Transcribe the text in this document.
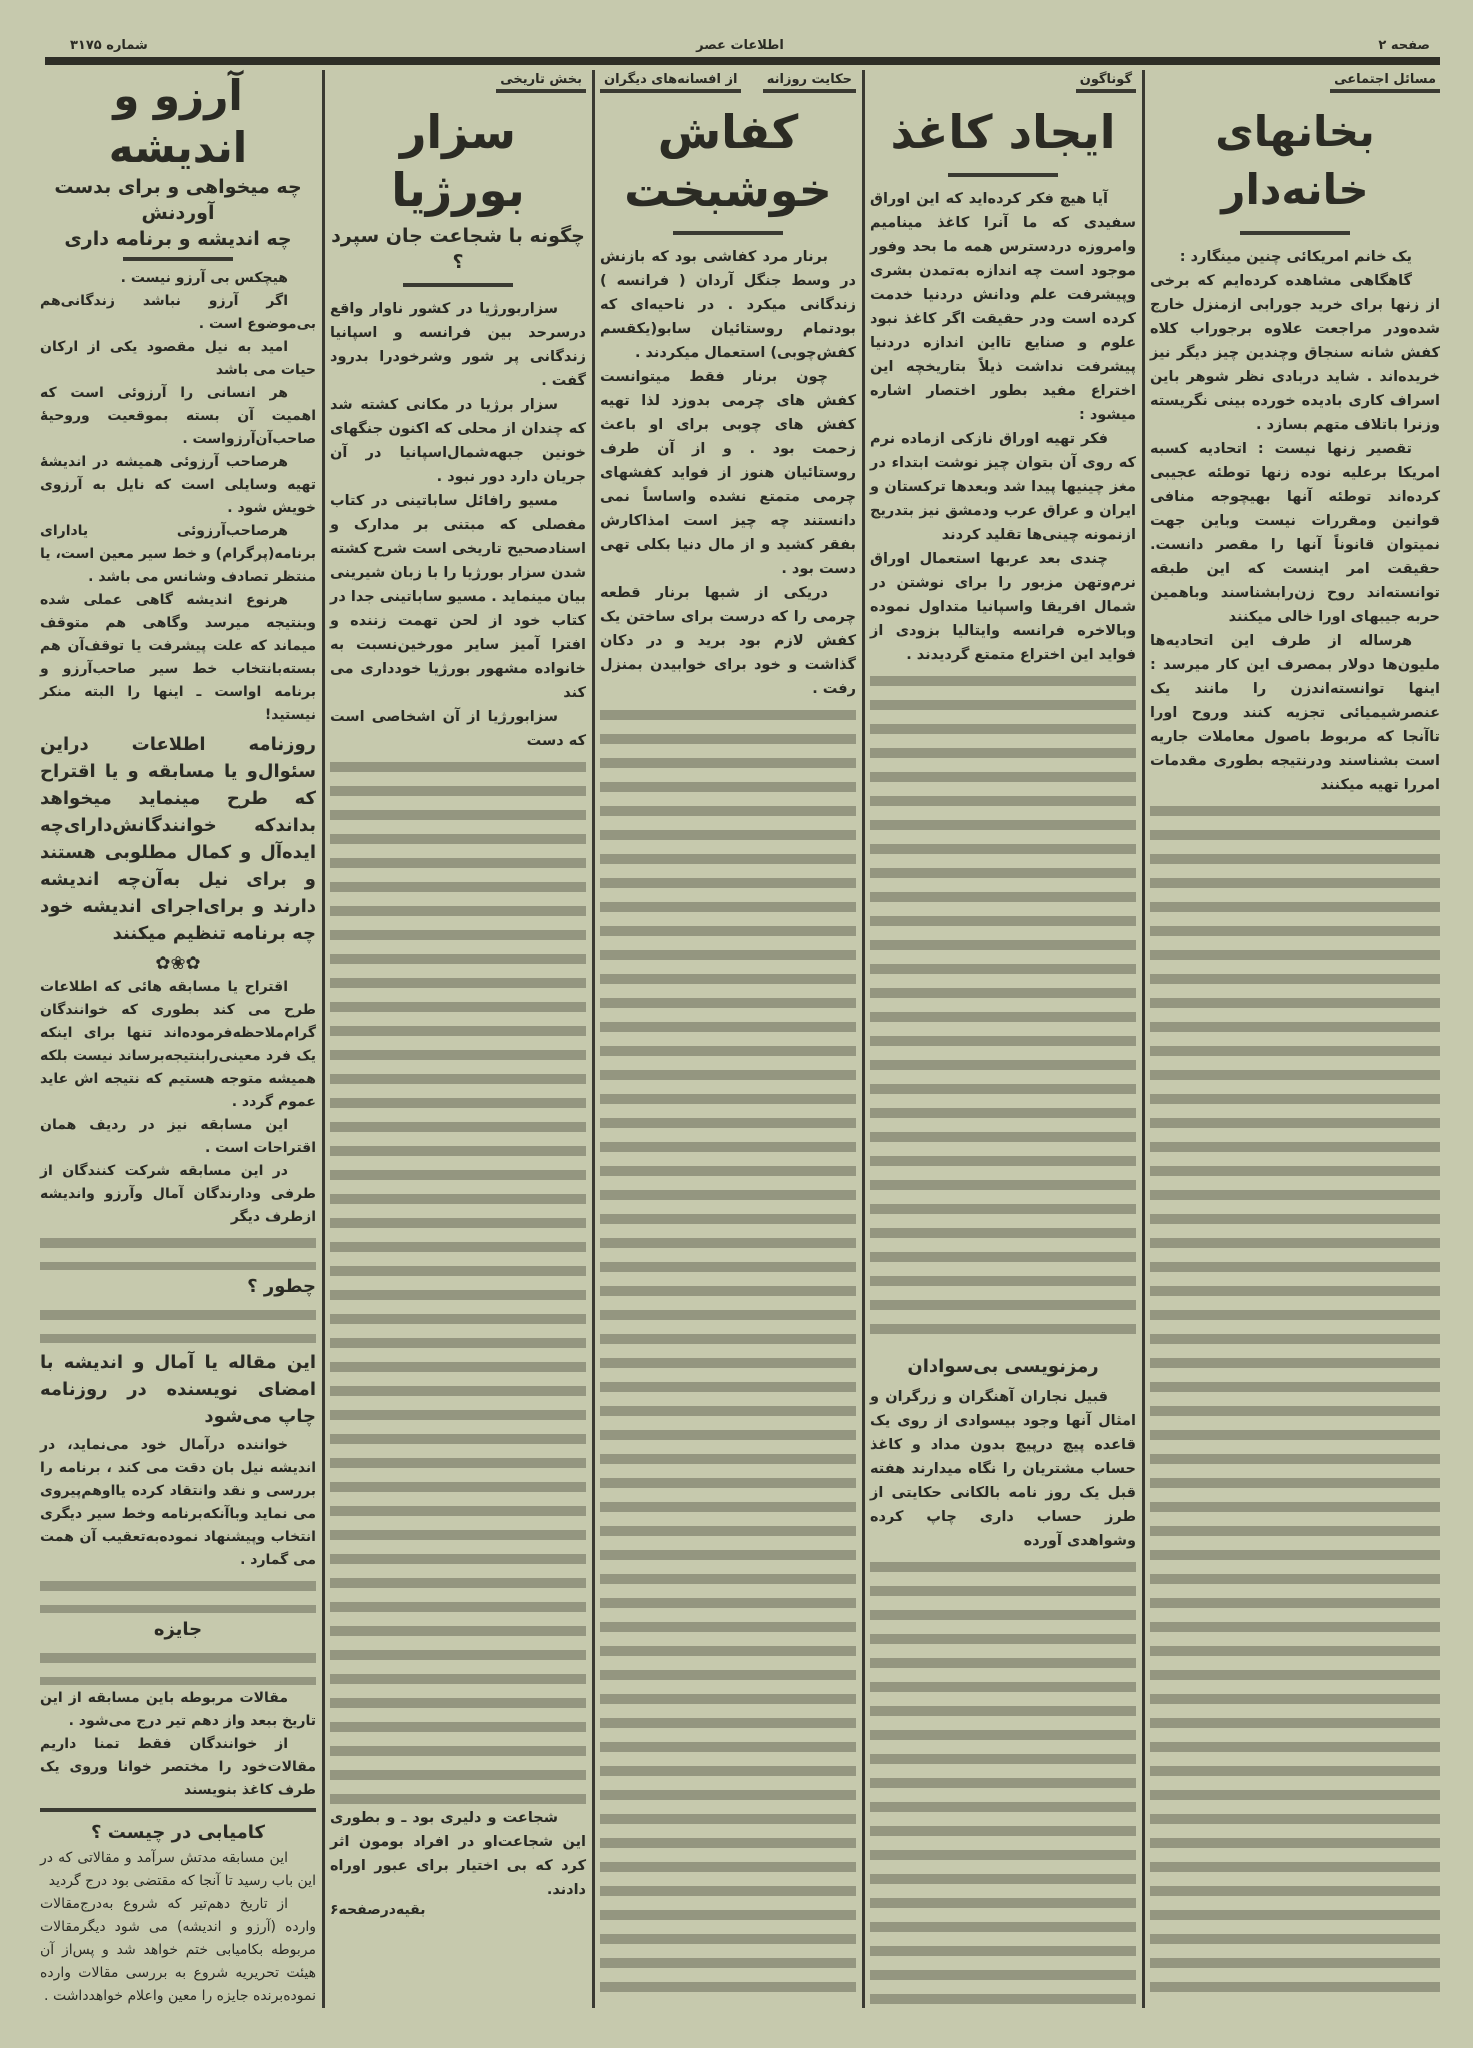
صفحه ۲
اطلاعات عصر
شماره ۳۱۷۵
مسائل اجتماعی
بخانهای خانه‌دار

یک خانم امریکائی چنین مینگارد :

گاهگاهی مشاهده کرده‌ایم که برخی از زنها برای خرید جورابی ازمنزل خارج شده‌ودر مراجعت علاوه برجوراب کلاه کفش شانه سنجاق وچندین چیز دیگر نیز خریده‌اند . شاید دربادی نظر شوهر باین اسراف کاری بادیده خورده بینی نگریسته وزنرا باتلاف متهم بسازد .

تقصیر زنها نیست : اتحادیه کسبه امریکا برعلیه نوده زنها توطئه عجیبی کرده‌اند توطئه آنها بهیچوجه منافی قوانین ومقررات نیست وباین جهت نمیتوان قانوناً آنها را مقصر دانست. حقیقت امر اینست که این طبقه توانسته‌اند روح زن‌رابشناسند وباهمین حربه جیبهای اورا خالی میکنند

هرساله از طرف این اتحادیه‌ها ملیون‌ها دولار بمصرف این کار میرسد : اینها توانسته‌اندزن را مانند یک عنصرشیمیائی تجزیه کنند وروح اورا تاآنجا که مربوط باصول معاملات جاریه است بشناسند ودرنتیجه بطوری مقدمات امررا تهیه میکنند

گوناگون
ایجاد کاغذ

آیا هیچ فکر کرده‌اید که این اوراق سفیدی که ما آنرا کاغذ مینامیم وامروزه دردسترس همه ما بحد وفور موجود است چه اندازه به‌تمدن بشری وپیشرفت علم ودانش دردنیا خدمت کرده است ودر حقیقت اگر کاغذ نبود علوم و صنایع تااین اندازه دردنیا پیشرفت نداشت ذیلاً بتاریخچه این اختراع مفید بطور اختصار اشاره میشود :

فکر تهیه اوراق نازکی ازماده نرم که روی آن بتوان چیز نوشت ابتداء در مغز چینیها پیدا شد وبعدها ترکستان و ایران و عراق عرب ودمشق نیز بتدریج ازنمونه چینی‌ها تقلید کردند

چندی بعد عربها استعمال اوراق نرم‌وتهن مزبور را برای نوشتن در شمال افریقا واسپانیا متداول نموده وبالاخره فرانسه وایتالیا بزودی از فواید این اختراع متمتع گردیدند .

رمزنویسی بی‌سوادان

قبیل نجاران آهنگران و زرگران و امثال آنها وجود بیسوادی از روی یک قاعده پیچ درپیچ بدون مداد و کاغذ حساب مشتریان را نگاه میدارند هفته قبل یک روز نامه بالکانی حکایتی از طرز حساب داری چاپ کرده وشواهدی آورده

حکایت روزانه
از افسانه‌های دیگران
کفاش خوشبخت

برنار مرد کفاشی بود که بازنش در وسط جنگل آردان ( فرانسه ) زندگانی میکرد . در ناحیه‌ای که بودتمام روستائیان سابو(یکقسم کفش‌چوبی) استعمال میکردند .

چون برنار فقط میتوانست کفش های چرمی بدوزد لذا تهیه کفش های چوبی برای او باعث زحمت بود . و از آن طرف روستائیان هنوز از فواید کفشهای چرمی متمتع نشده واساساً نمی دانستند چه چیز است امذاکارش بفقر کشید و از مال دنیا بکلی تهی دست بود .

دریکی از شبها برنار قطعه چرمی را که درست برای ساختن یک کفش لازم بود برید و در دکان گذاشت و خود برای خوابیدن بمنزل رفت .

بخش تاریخی
سزار بورژیا
چگونه با شجاعت جان سپرد ؟

سزاربورژیا در کشور ناوار واقع درسرحد بین فرانسه و اسپانیا زندگانی پر شور وشرخودرا بدرود گفت .

سزار برژیا در مکانی کشته شد که چندان از محلی که اکنون جنگهای خونین جبهه‌شمال‌اسپانیا در آن جریان دارد دور نبود .

مسیو رافائل ساباتینی در کتاب مفصلی که مبتنی بر مدارک و اسنادصحیح تاریخی است شرح کشته شدن سزار بورژیا را با زبان شیرینی بیان مینماید . مسیو ساباتینی جدا در کتاب خود از لحن تهمت زننده و افترا آمیز سایر مورخین‌نسبت به خانواده مشهور بورژیا خودداری می کند

سزابورژیا از آن اشخاصی است که دست

شجاعت و دلیری بود ـ و بطوری این شجاعت‌او در افراد بومون اثر کرد که بی اختیار برای عبور اوراه دادند.

بقیه‌در‌صفحه۶
آرزو و اندیشه
چه میخواهی و برای بدست آوردنش
چه اندیشه و برنامه داری

هیچکس بی آرزو نیست .

اگر آرزو نباشد زندگانی‌هم بی‌موضوع است .

امید به نیل مقصود یکی از ارکان حیات می باشد

هر انسانی را آرزوئی است که اهمیت آن بسته بموقعیت وروحیهٔ صاحب‌آن‌آرزواست .

هرصاحب آرزوئی همیشه در اندیشهٔ تهیه وسایلی است که نایل به آرزوی خویش شود .

هرصاحب‌آرزوئی یادارای برنامه(پرگرام) و خط سیر معین است، یا منتظر تصادف وشانس می باشد .

هرنوع اندیشه گاهی عملی شده وبنتیجه میرسد وگاهی هم متوقف میماند که علت پیشرفت یا توقف‌آن هم بسته‌بانتخاب خط سیر صاحب‌آرزو و برنامه اواست ـ اینها را البته منکر نیستید!

روزنامه اطلاعات دراین سئوال‌و یا مسابقه و یا اقتراح که طرح مینماید میخواهد بداند‌که خوانندگانش‌دارای‌چه ایده‌آل و کمال مطلوبی هستند و برای نیل به‌آن‌چه اندیشه دارند و برای‌اجرای اندیشه خود چه برنامه تنظیم میکنند
✿❀✿

اقتراح یا مسابقه هائی که اطلاعات طرح می کند بطوری که خوانندگان گرام‌ملاحظه‌فرموده‌اند تنها برای اینکه یک فرد معینی‌رابنتیجه‌برساند نیست بلکه همیشه متوجه هستیم که نتیجه اش عاید عموم گردد .

این مسابقه نیز در ردیف همان اقتراحات است .

در این مسابقه شرکت کنندگان از طرفی ودارندگان آمال وآرزو واندیشه ازطرف دیگر

چطور ؟
این مقاله یا آمال و اندیشه با امضای نویسنده در روزنامه چاپ می‌شود

خواننده درآمال خود می‌نماید، در اندیشه نیل بان دقت می کند ، برنامه را بررسی و نقد وانتقاد کرده یااوهم‌پیروی می نماید وباآنکه‌برنامه وخط سیر دیگری انتخاب وپیشنهاد نموده‌به‌تعقیب آن همت می گمارد .

جایزه

مقالات مربوطه باین مسابقه از این تاریخ ببعد واز دهم تیر درج می‌شود .

از خوانندگان فقط تمنا داریم مقالات‌خود را مختصر خوانا وروی یک طرف کاغذ بنویسند

کامیابی در چیست ؟

این مسابقه مدتش سرآمد و مقالاتی که در این باب رسید تا آنجا که مقتضی بود درج گردید

از تاریخ دهم‌تیر که شروع به‌درج‌مقالات وارده (آرزو و اندیشه) می شود دیگرمقالات مربوطه بکامیابی ختم خواهد شد و پس‌از آن هیئت تحریریه شروع به بررسی مقالات وارده نموده‌برنده جایزه را معین واعلام خواهدداشت .
